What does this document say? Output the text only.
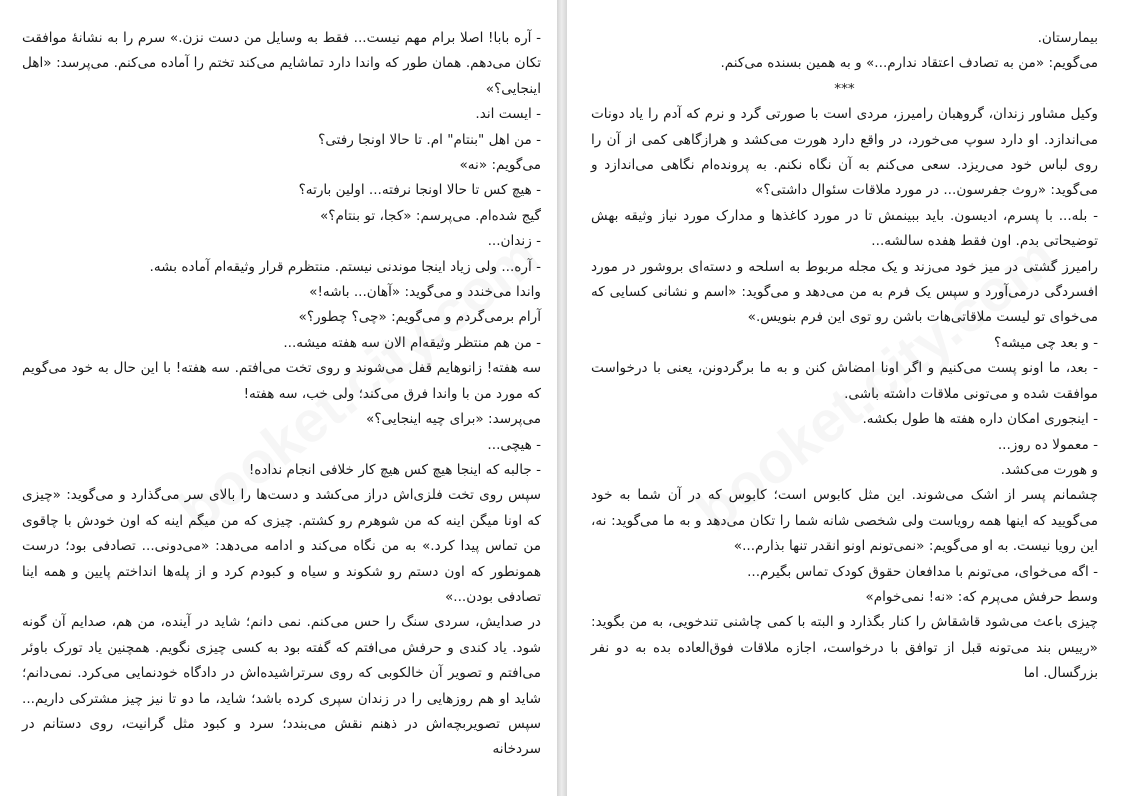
- آره بابا! اصلا برام مهم نیست... فقط به وسایل من دست نزن.» سرم را به نشانهٔ موافقت تکان می‌دهم. همان طور که واندا دارد تماشایم می‌کند تختم را آماده می‌کنم. می‌پرسد: «اهل اینجایی؟»

- ایست اند.

- من اهل "بنتام" ام. تا حالا اونجا رفتی؟

می‌گویم: «نه»

- هیچ کس تا حالا اونجا نرفته... اولین بارته؟

گیج شده‌ام. می‌پرسم: «کجا، تو بنتام؟»

- زندان...

- آره... ولی زیاد اینجا موندنی نیستم. منتظرم قرار وثیقه‌ام آماده بشه.

واندا می‌خندد و می‌گوید: «آهان... باشه!»

آرام برمی‌گردم و می‌گویم: «چی؟ چطور؟»

- من هم منتظر وثیقه‌ام الان سه هفته میشه...

سه هفته! زانوهایم قفل می‌شوند و روی تخت می‌افتم. سه هفته! با این حال به خود می‌گویم که مورد من با واندا فرق می‌کند؛ ولی خب، سه هفته!

می‌پرسد: «برای چیه اینجایی؟»

- هیچی...

- جالبه که اینجا هیچ کس هیچ کار خلافی انجام نداده!

سپس روی تخت فلزی‌اش دراز می‌کشد و دست‌ها را بالای سر می‌گذارد و می‌گوید: «چیزی که اونا میگن اینه که من شوهرم رو کشتم. چیزی که من میگم اینه که اون خودش با چاقوی من تماس پیدا کرد.» به من نگاه می‌کند و ادامه می‌دهد: «می‌دونی... تصادفی بود؛ درست همونطور که اون دستم رو شکوند و سیاه و کبودم کرد و از پله‌ها انداختم پایین و همه اینا تصادفی بودن...»

در صدایش، سردی سنگ را حس می‌کنم. نمی دانم؛ شاید در آینده، من هم، صدایم آن گونه شود. یاد کندی و حرفش می‌افتم که گفته بود به کسی چیزی نگویم. همچنین یاد تورک باوئر می‌افتم و تصویر آن خالکوبی که روی سرتراشیده‌اش در دادگاه خودنمایی می‌کرد. نمی‌دانم؛ شاید او هم روزهایی را در زندان سپری کرده باشد؛ شاید، ما دو تا نیز چیز مشترکی داریم... سپس تصویربچه‌اش در ذهنم نقش می‌بندد؛ سرد و کبود مثل گرانیت، روی دستانم در سردخانه

بیمارستان.

می‌گویم: «من به تصادف اعتقاد ندارم...» و به همین بسنده می‌کنم.

***

وکیل مشاور زندان، گروهبان رامیرز، مردی است با صورتی گرد و نرم که آدم را یاد دونات می‌اندازد. او دارد سوپ می‌خورد، در واقع دارد هورت می‌کشد و هرازگاهی کمی از آن را روی لباس خود می‌ریزد. سعی می‌کنم به آن نگاه نکنم. به پرونده‌ام نگاهی می‌اندازد و می‌گوید: «روث جفرسون... در مورد ملاقات سئوال داشتی؟»

- بله... با پسرم، ادیسون. باید ببینمش تا در مورد کاغذها و مدارک مورد نیاز وثیقه بهش توضیحاتی بدم. اون فقط هفده سالشه...

رامیرز گشتی در میز خود می‌زند و یک مجله مربوط به اسلحه و دسته‌ای بروشور در مورد افسردگی درمی‌آورد و سپس یک فرم به من می‌دهد و می‌گوید: «اسم و نشانی کسایی که می‌خوای تو لیست ملاقاتی‌هات باشن رو توی این فرم بنویس.»

- و بعد چی میشه؟

- بعد، ما اونو پست می‌کنیم و اگر اونا امضاش کنن و به ما برگردونن، یعنی با درخواست موافقت شده و می‌تونی ملاقات داشته باشی.

- اینجوری امکان داره هفته ها طول بکشه.

- معمولا ده روز...

و هورت می‌کشد.

چشمانم پسر از اشک می‌شوند. این مثل کابوس است؛ کابوس که در آن شما به خود می‌گویید که اینها همه رویاست ولی شخصی شانه شما را تکان می‌دهد و به ما می‌گوید: نه، این رویا نیست. به او می‌گویم: «نمی‌تونم اونو انقدر تنها بذارم...»

- اگه می‌خوای، می‌تونم با مدافعان حقوق کودک تماس بگیرم...

وسط حرفش می‌پرم که: «نه! نمی‌خوام»

چیزی باعث می‌شود قاشقاش را کنار بگذارد و البته با کمی چاشنی تندخویی، به من بگوید: «رییس بند می‌تونه قبل از توافق با درخواست، اجازه ملاقات فوق‌العاده بده به دو نفر بزرگسال. اما
